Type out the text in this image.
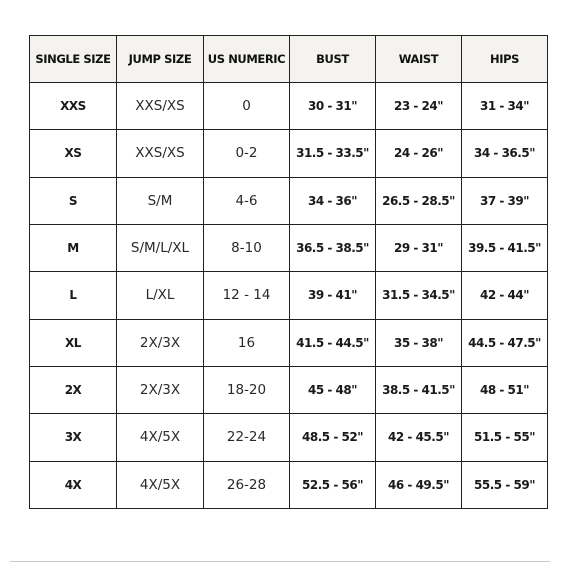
SINGLE SIZE	JUMP SIZE	US NUMERIC	BUST	WAIST	HIPS
XXS	XXS/XS	0	30 - 31"	23 - 24"	31 - 34"
XS	XXS/XS	0-2	31.5 - 33.5"	24 - 26"	34 - 36.5"
S	S/M	4-6	34 - 36"	26.5 - 28.5"	37 - 39"
M	S/M/L/XL	8-10	36.5 - 38.5"	29 - 31"	39.5 - 41.5"
L	L/XL	12 - 14	39 - 41"	31.5 - 34.5"	42 - 44"
XL	2X/3X	16	41.5 - 44.5"	35 - 38"	44.5 - 47.5"
2X	2X/3X	18-20	45 - 48"	38.5 - 41.5"	48 - 51"
3X	4X/5X	22-24	48.5 - 52"	42 - 45.5"	51.5 - 55"
4X	4X/5X	26-28	52.5 - 56"	46 - 49.5"	55.5 - 59"
